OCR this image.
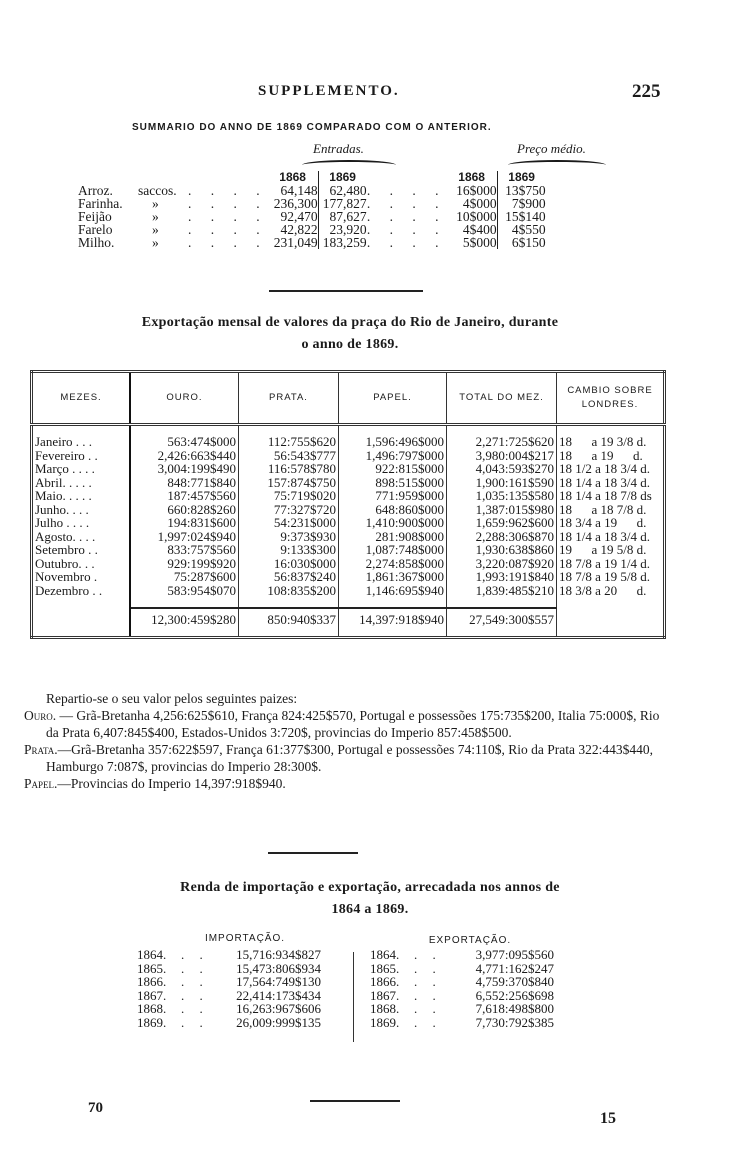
SUPPLEMENTO.	225
SUMMARIO DO ANNO DE 1869 COMPARADO COM O ANTERIOR.
Entradas.	Preço médio.
			1868	1869		1868	1869
Arroz.	saccos.	. . . .	64,148	62,480	. . . .	16$000	13$750
Farinha.	»	. . . .	236,300	177,827	. . . .	4$000	7$900
Feijão	»	. . . .	92,470	87,627	. . . .	10$000	15$140
Farelo	»	. . . .	42,822	23,920	. . . .	4$400	4$550
Milho.	»	. . . .	231,049	183,259	. . . .	5$000	6$150
Exportação mensal de valores da praça do Rio de Janeiro, durante
o anno de 1869.
MEZES.	OURO.	PRATA.	PAPEL.	TOTAL DO MEZ.	CAMBIO SOBRE LONDRES.
Janeiro . . .	563:474$000	112:755$620	1,596:496$000	2,271:725$620	18      a 19 3/8 d.
Fevereiro . .	2,426:663$440	56:543$777	1,496:797$000	3,980:004$217	18      a 19      d.
Março . . . .	3,004:199$490	116:578$780	922:815$000	4,043:593$270	18 1/2 a 18 3/4 d.
Abril. . . . .	848:771$840	157:874$750	898:515$000	1,900:161$590	18 1/4 a 18 3/4 d.
Maio. . . . .	187:457$560	75:719$020	771:959$000	1,035:135$580	18 1/4 a 18 7/8 ds
Junho. . . .	660:828$260	77:327$720	648:860$000	1,387:015$980	18      a 18 7/8 d.
Julho . . . .	194:831$600	54:231$000	1,410:900$000	1,659:962$600	18 3/4 a 19      d.
Agosto. . . .	1,997:024$940	9:373$930	281:908$000	2,288:306$870	18 1/4 a 18 3/4 d.
Setembro . .	833:757$560	9:133$300	1,087:748$000	1,930:638$860	19      a 19 5/8 d.
Outubro. . .	929:199$920	16:030$000	2,274:858$000	3,220:087$920	18 7/8 a 19 1/4 d.
Novembro .	75:287$600	56:837$240	1,861:367$000	1,993:191$840	18 7/8 a 19 5/8 d.
Dezembro . .	583:954$070	108:835$200	1,146:695$940	1,839:485$210	18 3/8 a 20      d.

	12,300:459$280	850:940$337	14,397:918$940	27,549:300$557	

Repartio-se o seu valor pelos seguintes paizes:

Ouro. — Grã-Bretanha 4,256:625$610, França 824:425$570, Portugal e possessões 175:735$200, Italia 75:000$, Rio da Prata 6,407:845$400, Estados-Unidos 3:720$, provincias do Imperio 857:458$500.

Prata.—Grã-Bretanha 357:622$597, França 61:377$300, Portugal e possessões 74:110$, Rio da Prata 322:443$440, Hamburgo 7:087$, provincias do Imperio 28:300$.

Papel.—Provincias do Imperio 14,397:918$940.

Renda de importação e exportação, arrecadada nos annos de
1864 a 1869.
IMPORTAÇÃO.	EXPORTAÇÃO.
1864.	. .	15,716:934$827
1865.	. .	15,473:806$934
1866.	. .	17,564:749$130
1867.	. .	22,414:173$434
1868.	. .	16,263:967$606
1869.	. .	26,009:999$135
1864.	. .	3,977:095$560
1865.	. .	4,771:162$247
1866.	. .	4,759:370$840
1867.	. .	6,552:256$698
1868.	. .	7,618:498$800
1869.	. .	7,730:792$385
70
15
